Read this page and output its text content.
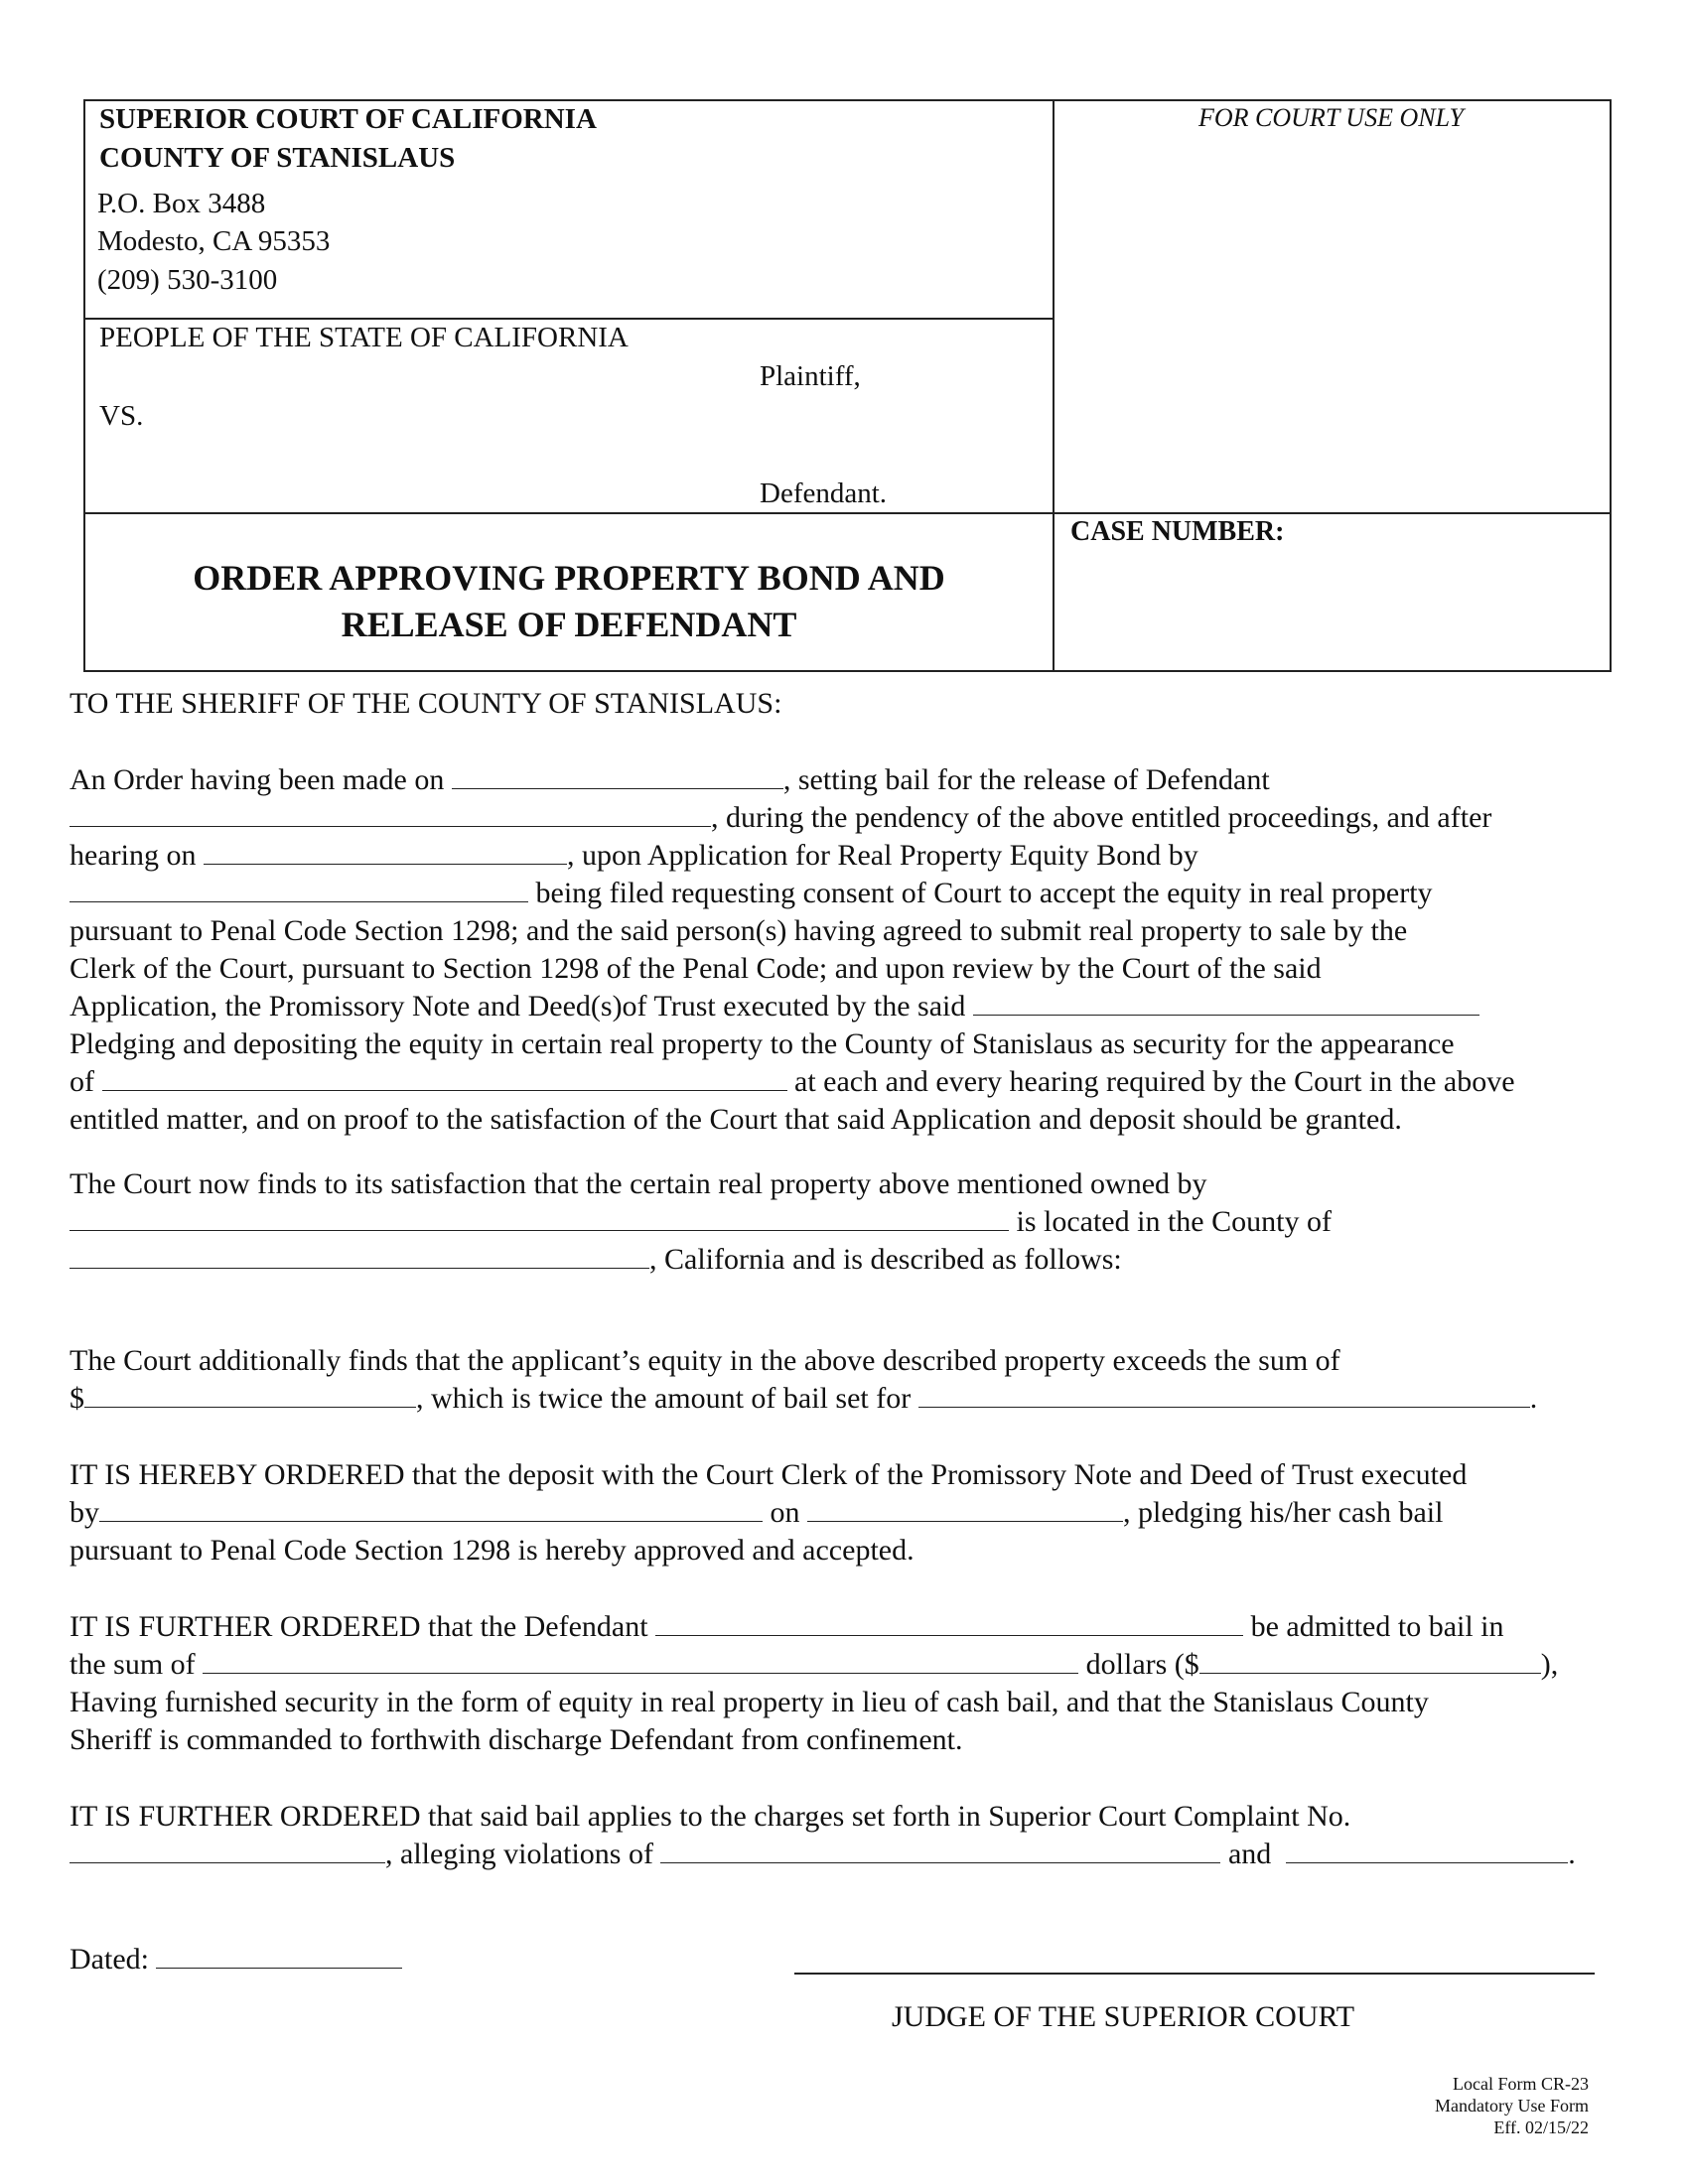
SUPERIOR COURT OF CALIFORNIA
COUNTY OF STANISLAUS
P.O. Box 3488
Modesto, CA 95353
(209) 530-3100
FOR COURT USE ONLY
PEOPLE OF THE STATE OF CALIFORNIA
Plaintiff,
VS.
Defendant.
ORDER APPROVING PROPERTY BOND AND
RELEASE OF DEFENDANT
CASE NUMBER:
TO THE SHERIFF OF THE COUNTY OF STANISLAUS:
An Order having been made on	, setting bail for the release of Defendant
, during the pendency of the above entitled proceedings, and after
hearing on	, upon Application for Real Property Equity Bond by
being filed requesting consent of Court to accept the equity in real property
pursuant to Penal Code Section 1298; and the said person(s) having agreed to submit real property to sale by the
Clerk of the Court, pursuant to Section 1298 of the Penal Code; and upon review by the Court of the said
Application, the Promissory Note and Deed(s)of Trust executed by the said
Pledging and depositing the equity in certain real property to the County of Stanislaus as security for the appearance
of	at each and every hearing required by the Court in the above
entitled matter, and on proof to the satisfaction of the Court that said Application and deposit should be granted.
The Court now finds to its satisfaction that the certain real property above mentioned owned by
is located in the County of
, California and is described as follows:
The Court additionally finds that the applicant’s equity in the above described property exceeds the sum of
$	, which is twice the amount of bail set for	.
IT IS HEREBY ORDERED that the deposit with the Court Clerk of the Promissory Note and Deed of Trust executed
by	on	, pledging his/her cash bail
pursuant to Penal Code Section 1298 is hereby approved and accepted.
IT IS FURTHER ORDERED that the Defendant	be admitted to bail in
the sum of	dollars ($	),
Having furnished security in the form of equity in real property in lieu of cash bail, and that the Stanislaus County
Sheriff is commanded to forthwith discharge Defendant from confinement.
IT IS FURTHER ORDERED that said bail applies to the charges set forth in Superior Court Complaint No.
, alleging violations of	and	.
Dated:
JUDGE OF THE SUPERIOR COURT
Local Form CR-23
Mandatory Use Form
Eff. 02/15/22
